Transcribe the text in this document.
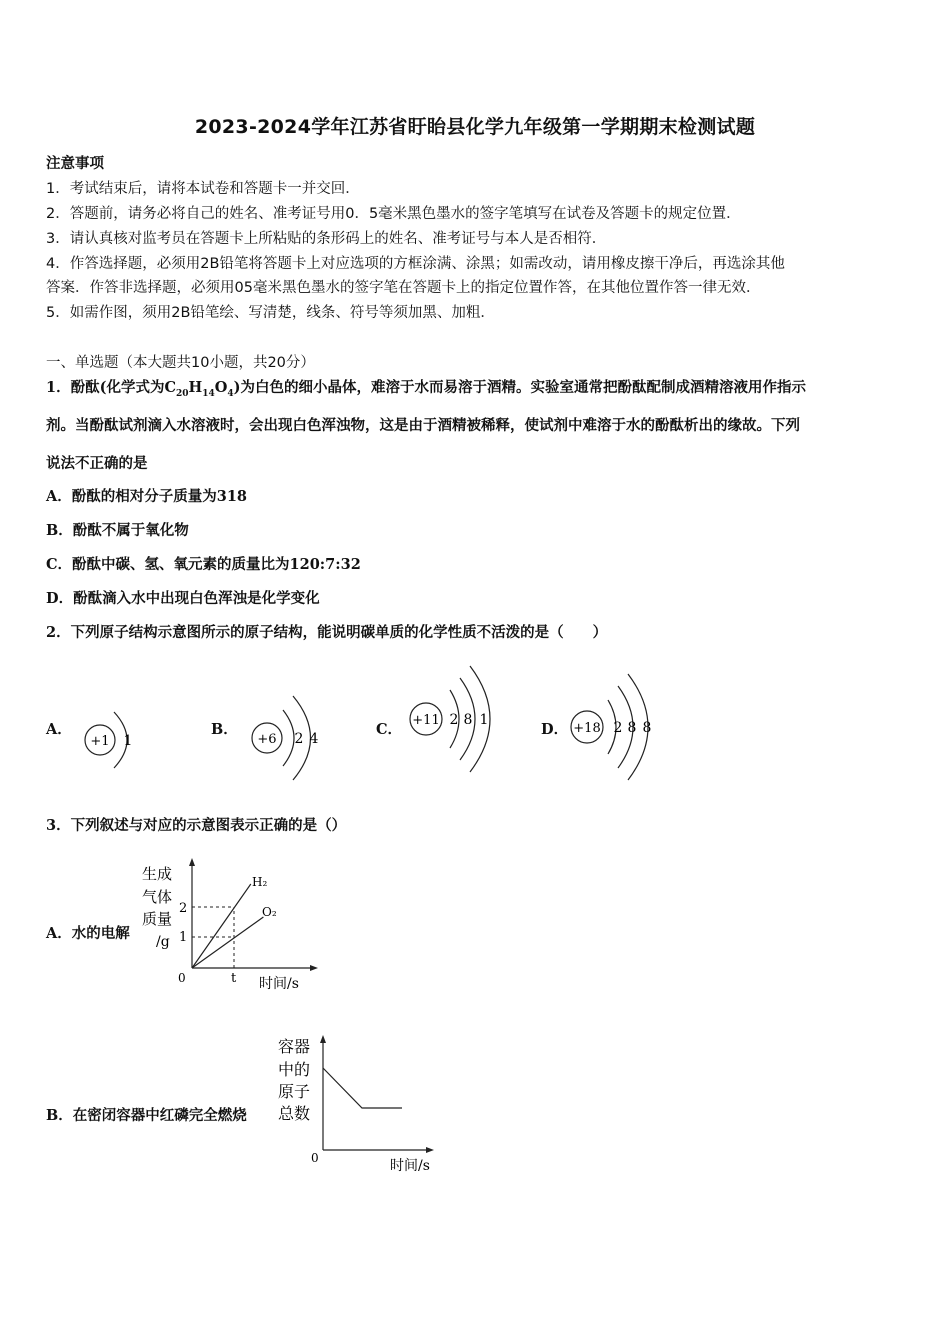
2023-2024学年江苏省盱眙县化学九年级第一学期期末检测试题
注意事项
1．考试结束后，请将本试卷和答题卡一并交回．
2．答题前，请务必将自己的姓名、准考证号用0．5毫米黑色墨水的签字笔填写在试卷及答题卡的规定位置．
3．请认真核对监考员在答题卡上所粘贴的条形码上的姓名、准考证号与本人是否相符．
4．作答选择题，必须用2B铅笔将答题卡上对应选项的方框涂满、涂黑；如需改动，请用橡皮擦干净后，再选涂其他
答案．作答非选择题，必须用05毫米黑色墨水的签字笔在答题卡上的指定位置作答，在其他位置作答一律无效．
5．如需作图，须用2B铅笔绘、写清楚，线条、符号等须加黑、加粗．
一、单选题（本大题共10小题，共20分）
1．酚酞(化学式为$C_{20}H_{14}O_4$)为白色的细小晶体，难溶于水而易溶于酒精。实验室通常把酚酞配制成酒精溶液用作指示
剂。当酚酞试剂滴入水溶液时，会出现白色浑浊物，这是由于酒精被稀释，使试剂中难溶于水的酚酞析出的缘故。下列
说法不正确的是
A．酚酞的相对分子质量为318
B．酚酞不属于氧化物
C．酚酞中碳、氢、氧元素的质量比为120:7:32
D．酚酞滴入水中出现白色浑浊是化学变化
2．下列原子结构示意图所示的原子结构，能说明碳单质的化学性质不活泼的是（　　）
A．
+1 1
B．
+6 2 4
C．
+11 2 8 1
D． +18 2 8 8
3．下列叙述与对应的示意图表示正确的是（）
A．水的电解
生成
气体
质量
/g
0	t 时间/s
2
1
H₂
O₂
B．在密闭容器中红磷完全燃烧
容器
中的
原子
总数
0	时间/s
